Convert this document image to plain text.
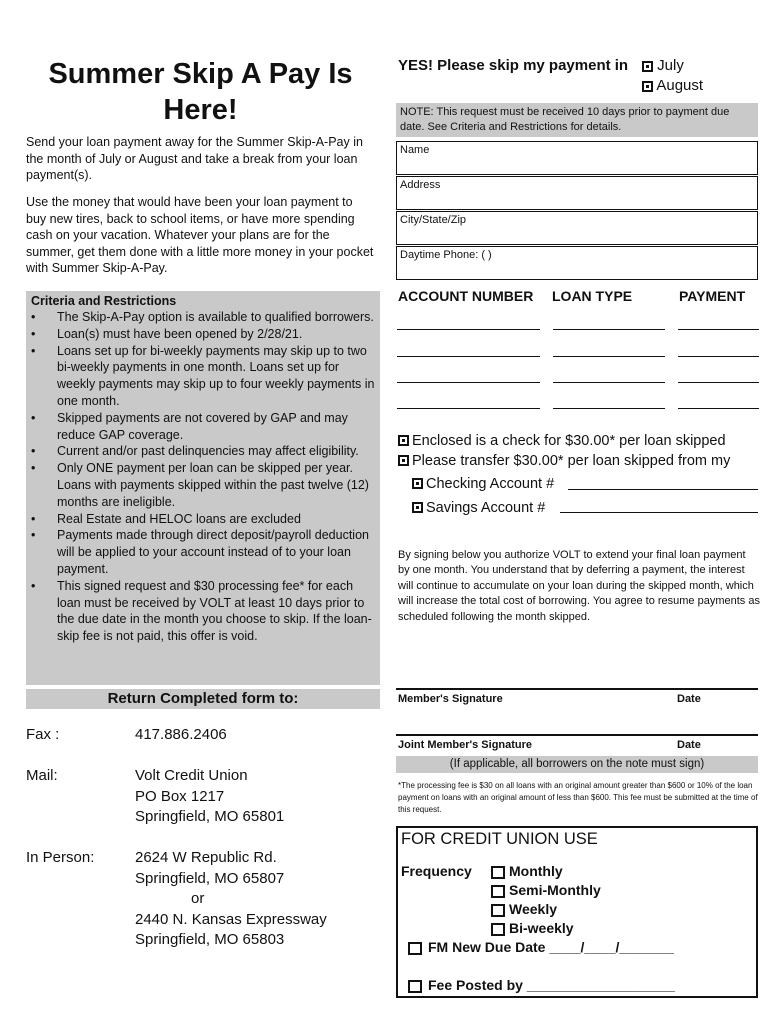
Summer Skip A Pay Is
Here!
Send your loan payment away for the Summer Skip-A-Pay in the month of July or August and take a break from your loan payment(s).
Use the money that would have been your loan payment to buy new tires, back to school items, or have more spending cash on your vacation. Whatever your plans are for the summer, get them done with a little more money in your pocket with Summer Skip-A-Pay.
Criteria and Restrictions
• The Skip-A-Pay option is available to qualified borrowers.
• Loan(s) must have been opened by 2/28/21.
• Loans set up for bi-weekly payments may skip up to two bi-weekly payments in one month. Loans set up for weekly payments may skip up to four weekly payments in one month.
• Skipped payments are not covered by GAP and may reduce GAP coverage.
• Current and/or past delinquencies may affect eligibility.
• Only ONE payment per loan can be skipped per year. Loans with payments skipped within the past twelve (12) months are ineligible.
• Real Estate and HELOC loans are excluded
• Payments made through direct deposit/payroll deduction will be applied to your account instead of to your loan payment.
• This signed request and $30 processing fee* for each loan must be received by VOLT at least 10 days prior to the due date in the month you choose to skip. If the loan-skip fee is not paid, this offer is void.
Return Completed form to:
Fax :	417.886.2406
Mail:	Volt Credit Union
PO Box 1217
Springfield, MO 65801
In Person:	2624 W Republic Rd.
Springfield, MO 65807
or
2440 N. Kansas Expressway
Springfield, MO 65803
YES! Please skip my payment in	July
August
NOTE: This request must be received 10 days prior to payment due date. See Criteria and Restrictions for details.
Name
Address
City/State/Zip
Daytime Phone: ( )
ACCOUNT NUMBER LOAN TYPE	PAYMENT
Enclosed is a check for $30.00* per loan skipped
Please transfer $30.00* per loan skipped from my
Checking Account #
Savings Account #
By signing below you authorize VOLT to extend your final loan payment by one month. You understand that by deferring a payment, the interest will continue to accumulate on your loan during the skipped month, which will increase the total cost of borrowing. You agree to resume payments as scheduled following the month skipped.
Member's Signature	Date
Joint Member's Signature	Date
(If applicable, all borrowers on the note must sign)
*The processing fee is $30 on all loans with an original amount greater than $600 or 10% of the loan payment on loans with an original amount of less than $600. This fee must be submitted at the time of this request.
FOR CREDIT UNION USE
Frequency	Monthly
Semi-Monthly
Weekly
Bi-weekly
FM New Due Date ____/____/_______
Fee Posted by ___________________
